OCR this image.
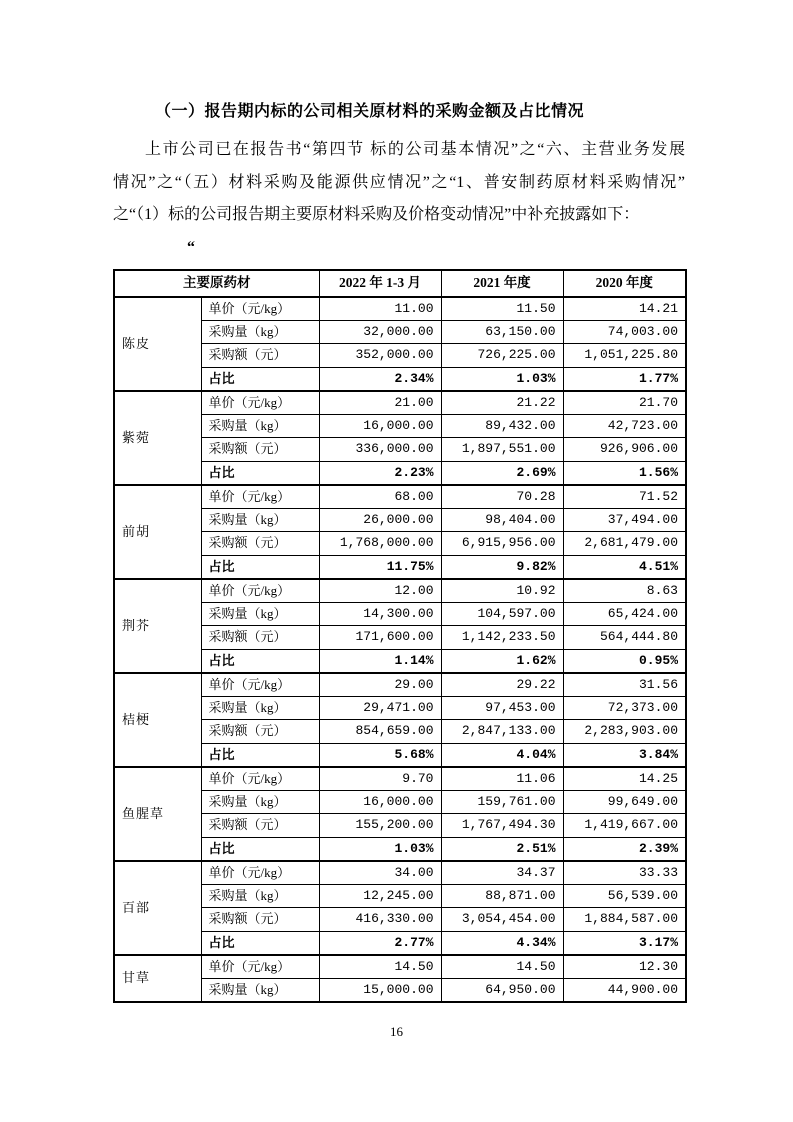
（一）报告期内标的公司相关原材料的采购金额及占比情况
上市公司已在报告书“第四节 标的公司基本情况”之“六、主营业务发展
情况”之“（五）材料采购及能源供应情况”之“1、普安制药原材料采购情况”
之“（1）标的公司报告期主要原材料采购及价格变动情况”中补充披露如下：
“
主要原药材		2022 年 1-3 月	2021 年度	2020 年度
陈皮	单价（元/kg）	11.00	11.50	14.21
	采购量（kg）	32,000.00	63,150.00	74,003.00
	采购额（元）	352,000.00	726,225.00	1,051,225.80
	占比	2.34%	1.03%	1.77%
紫菀	单价（元/kg）	21.00	21.22	21.70
	采购量（kg）	16,000.00	89,432.00	42,723.00
	采购额（元）	336,000.00	1,897,551.00	926,906.00
	占比	2.23%	2.69%	1.56%
前胡	单价（元/kg）	68.00	70.28	71.52
	采购量（kg）	26,000.00	98,404.00	37,494.00
	采购额（元）	1,768,000.00	6,915,956.00	2,681,479.00
	占比	11.75%	9.82%	4.51%
荆芥	单价（元/kg）	12.00	10.92	8.63
	采购量（kg）	14,300.00	104,597.00	65,424.00
	采购额（元）	171,600.00	1,142,233.50	564,444.80
	占比	1.14%	1.62%	0.95%
桔梗	单价（元/kg）	29.00	29.22	31.56
	采购量（kg）	29,471.00	97,453.00	72,373.00
	采购额（元）	854,659.00	2,847,133.00	2,283,903.00
	占比	5.68%	4.04%	3.84%
鱼腥草	单价（元/kg）	9.70	11.06	14.25
	采购量（kg）	16,000.00	159,761.00	99,649.00
	采购额（元）	155,200.00	1,767,494.30	1,419,667.00
	占比	1.03%	2.51%	2.39%
百部	单价（元/kg）	34.00	34.37	33.33
	采购量（kg）	12,245.00	88,871.00	56,539.00
	采购额（元）	416,330.00	3,054,454.00	1,884,587.00
	占比	2.77%	4.34%	3.17%
甘草	单价（元/kg）	14.50	14.50	12.30
	采购量（kg）	15,000.00	64,950.00	44,900.00
16
